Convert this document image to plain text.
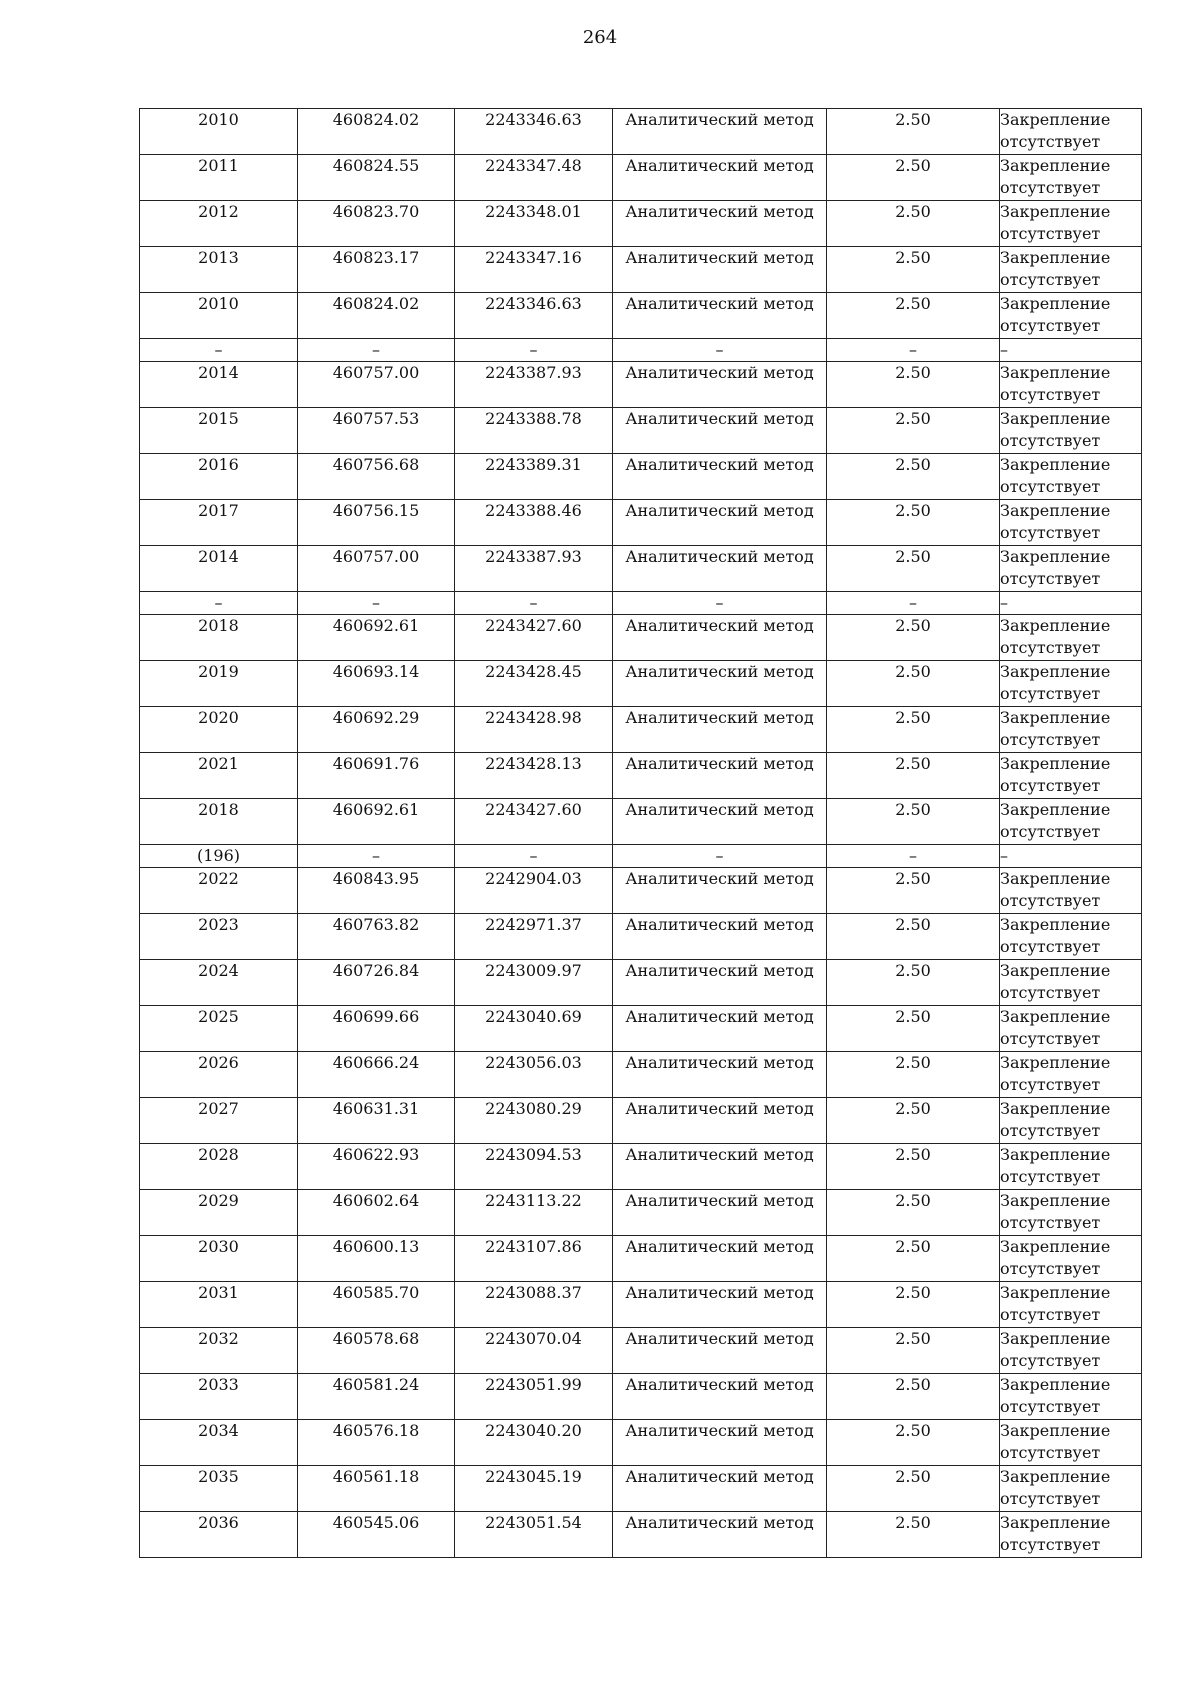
264
2010	460824.02	2243346.63	Аналитический метод	2.50	Закрепление отсутствует

2011	460824.55	2243347.48	Аналитический метод	2.50	Закрепление отсутствует

2012	460823.70	2243348.01	Аналитический метод	2.50	Закрепление отсутствует

2013	460823.17	2243347.16	Аналитический метод	2.50	Закрепление отсутствует

2010	460824.02	2243346.63	Аналитический метод	2.50	Закрепление отсутствует

–	–	–	–	–	–

2014	460757.00	2243387.93	Аналитический метод	2.50	Закрепление отсутствует

2015	460757.53	2243388.78	Аналитический метод	2.50	Закрепление отсутствует

2016	460756.68	2243389.31	Аналитический метод	2.50	Закрепление отсутствует

2017	460756.15	2243388.46	Аналитический метод	2.50	Закрепление отсутствует

2014	460757.00	2243387.93	Аналитический метод	2.50	Закрепление отсутствует

–	–	–	–	–	–

2018	460692.61	2243427.60	Аналитический метод	2.50	Закрепление отсутствует

2019	460693.14	2243428.45	Аналитический метод	2.50	Закрепление отсутствует

2020	460692.29	2243428.98	Аналитический метод	2.50	Закрепление отсутствует

2021	460691.76	2243428.13	Аналитический метод	2.50	Закрепление отсутствует

2018	460692.61	2243427.60	Аналитический метод	2.50	Закрепление отсутствует

(196)	–	–	–	–	–

2022	460843.95	2242904.03	Аналитический метод	2.50	Закрепление отсутствует

2023	460763.82	2242971.37	Аналитический метод	2.50	Закрепление отсутствует

2024	460726.84	2243009.97	Аналитический метод	2.50	Закрепление отсутствует

2025	460699.66	2243040.69	Аналитический метод	2.50	Закрепление отсутствует

2026	460666.24	2243056.03	Аналитический метод	2.50	Закрепление отсутствует

2027	460631.31	2243080.29	Аналитический метод	2.50	Закрепление отсутствует

2028	460622.93	2243094.53	Аналитический метод	2.50	Закрепление отсутствует

2029	460602.64	2243113.22	Аналитический метод	2.50	Закрепление отсутствует

2030	460600.13	2243107.86	Аналитический метод	2.50	Закрепление отсутствует

2031	460585.70	2243088.37	Аналитический метод	2.50	Закрепление отсутствует

2032	460578.68	2243070.04	Аналитический метод	2.50	Закрепление отсутствует

2033	460581.24	2243051.99	Аналитический метод	2.50	Закрепление отсутствует

2034	460576.18	2243040.20	Аналитический метод	2.50	Закрепление отсутствует

2035	460561.18	2243045.19	Аналитический метод	2.50	Закрепление отсутствует

2036	460545.06	2243051.54	Аналитический метод	2.50	Закрепление отсутствует
